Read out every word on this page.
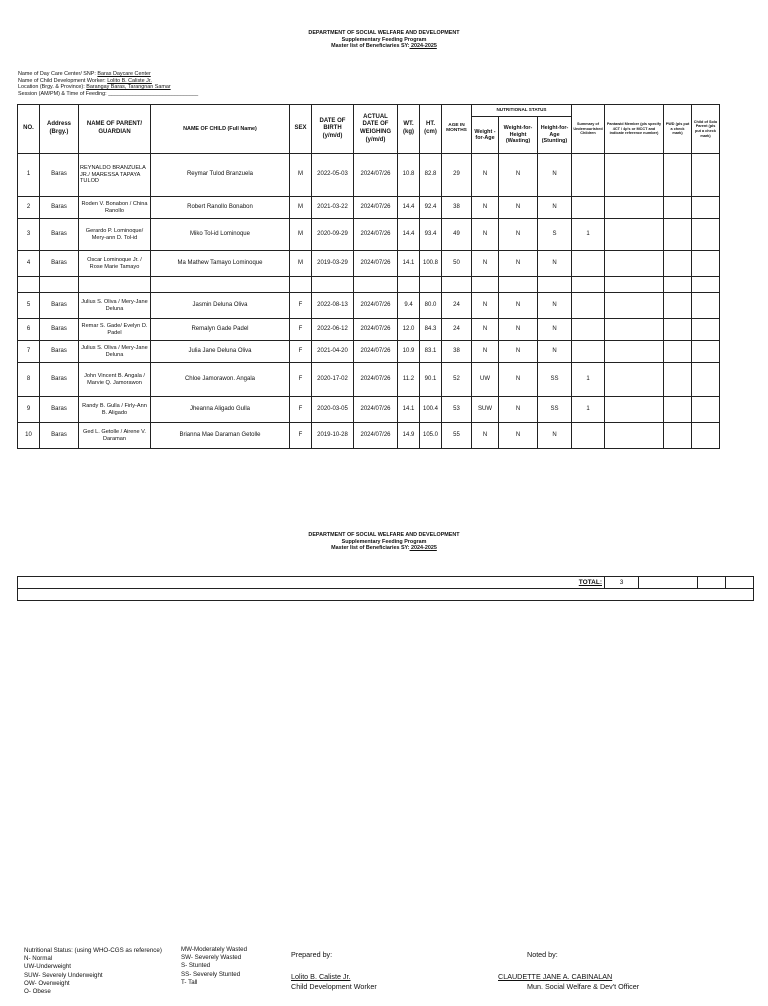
DEPARTMENT OF SOCIAL WELFARE AND DEVELOPMENT
Supplementary Feeding Program
Master list of Beneficiaries SY: 2024-2025
Name of Day Care Center/ SNP: Baras Daycare Center
Name of Child Development Worker: Lolito B. Caliste Jr.
Location (Brgy. & Province): Barangay Baras, Tarangnan Samar
Session (AM/PM) & Time of Feeding: ______________________________
NO.	Address (Brgy.)	NAME OF PARENT/ GUARDIAN	NAME OF CHILD (Full Name)	SEX	DATE OF BIRTH (y/m/d)	ACTUAL DATE OF WEIGHING (y/m/d)	WT. (kg)	HT. (cm)	AGE IN MONTHS	NUTRITIONAL STATUS			Summary of Undernourished Children	Pantawid Member (pls specify 4CT / 4p's or MCCT and indicate reference number)	PWD (pls put a check mark)	Child of Solo Parent (pls put a check mark)
										Weight -for-Age	Weight-for-Height (Wasting)	Height-for-Age (Stunting)				
1	Baras	REYNALDO BRANZUELA JR./ MARESSA TAPAYA TULOD	Reymar Tulod Branzuela	M	2022-05-03	2024/07/26	10.8	82.8	29	N	N	N				
2	Baras	Roden V. Bonabon / China Ranollo	Robert Ranollo Bonabon	M	2021-03-22	2024/07/26	14.4	92.4	38	N	N	N				
3	Baras	Gerardo P. Lominoque/ Mery-ann D. Tol-id	Miko Tol-id Lominoque	M	2020-09-29	2024/07/26	14.4	93.4	49	N	N	S	1			
4	Baras	Oscar Lominoque Jr. / Rose Marie Tamayo	Ma Mathew Tamayo Lominoque	M	2019-03-29	2024/07/26	14.1	100.8	50	N	N	N				

5	Baras	Julius S. Oliva / Mery-Jane Deluna	Jasmin Deluna Oliva	F	2022-08-13	2024/07/26	9.4	80.0	24	N	N	N				
6	Baras	Remar S. Gade/ Evelyn D. Padel	Remalyn Gade Padel	F	2022-06-12	2024/07/26	12.0	84.3	24	N	N	N				
7	Baras	Julius S. Oliva / Mery-Jane Deluna	Julia Jane Deluna Oliva	F	2021-04-20	2024/07/26	10.9	83.1	38	N	N	N				
8	Baras	John Vincent B. Angala / Marvie Q. Jamorawon	Chloe Jamorawon. Angala	F	2020-17-02	2024/07/26	11.2	90.1	52	UW	N	SS	1			
9	Baras	Randy B. Gulla / Firly-Ann B. Aligado	Jheanna Aligado Gulla	F	2020-03-05	2024/07/26	14.1	100.4	53	SUW	N	SS	1			
10	Baras	Ged L. Getolle / Airene V. Daraman	Brianna Mae Daraman Getolle	F	2019-10-28	2024/07/26	14.9	105.0	55	N	N	N				
DEPARTMENT OF SOCIAL WELFARE AND DEVELOPMENT
Supplementary Feeding Program
Master list of Beneficiaries SY: 2024-2025
TOTAL:	3			

Nutritional Status: (using WHO-CGS as reference)
N- Normal
UW-Underweight
SUW- Severely Underweight
OW- Overweight
O- Obese
MW-Moderately Wasted
SW- Severely Wasted
S- Stunted
SS- Severely Stunted
T- Tall
Prepared by:
Lolito B. Caliste Jr.
Child Development Worker
Noted by:
CLAUDETTE JANE A. CABINALAN
Mun. Social Welfare & Dev't Officer
